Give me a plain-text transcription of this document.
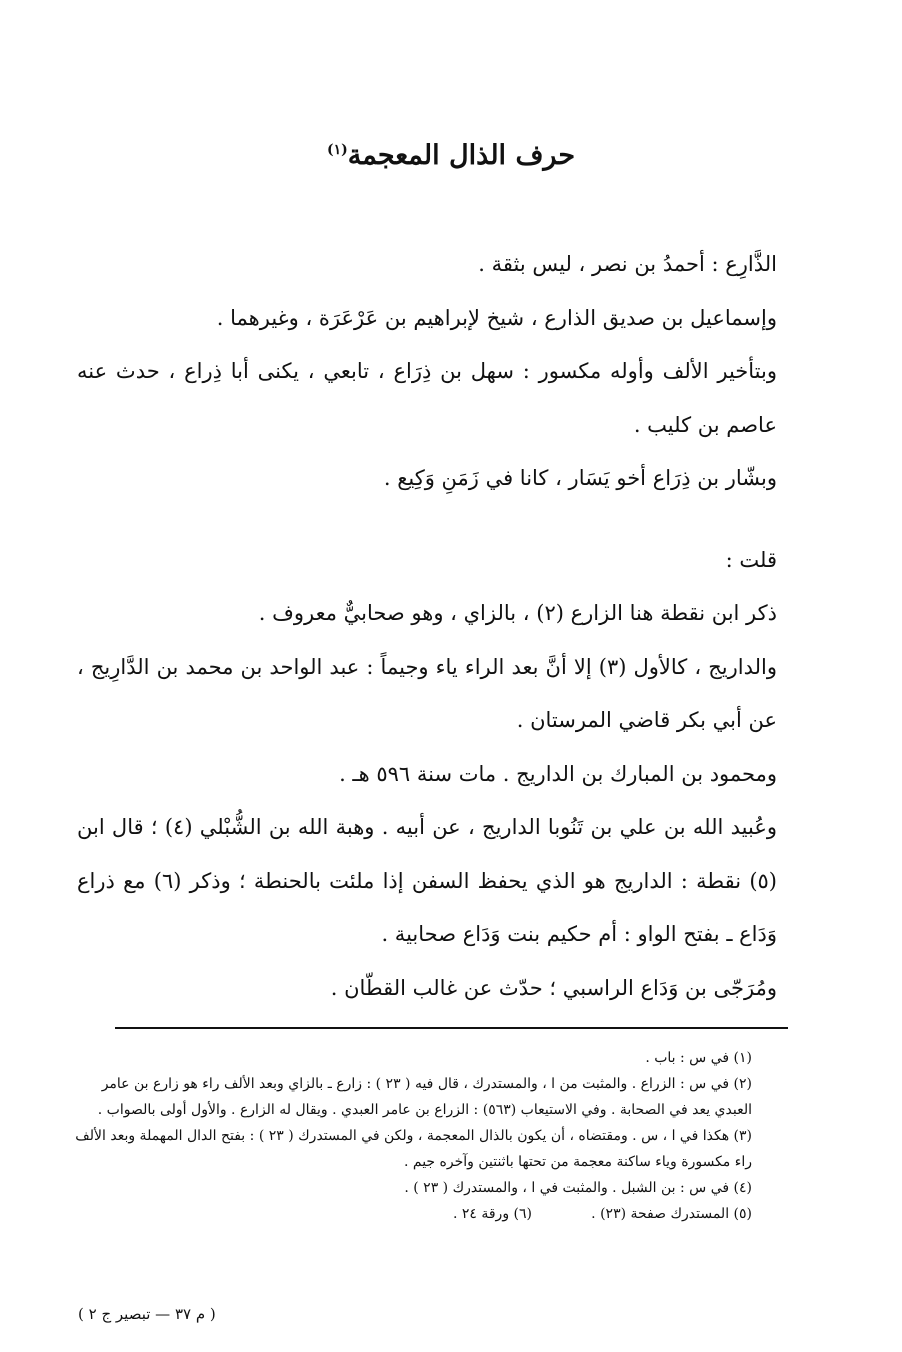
حرف الذال المعجمة$^{(١)}$

الذَّارِع : أحمدُ بن نصر ، ليس بثقة .

وإسماعيل بن صديق الذارع ، شيخ لإبراهيم بن عَرْعَرَة ، وغيرهما .

وبتأخير الألف وأوله مكسور : سهل بن ذِرَاع ، تابعي ، يكنى أبا ذِراع ، حدث عنه عاصم بن كليب .

وبشّار بن ذِرَاع أخو يَسَار ، كانا في زَمَنِ وَكِيع .

قلت :

ذكر ابن نقطة هنا الزارع (٢) ، بالزاي ، وهو صحابيٌّ معروف .

والداريج ، كالأول (٣) إلا أنَّ بعد الراء ياء وجيماً : عبد الواحد بن محمد بن الدَّارِيج ، عن أبي بكر قاضي المرستان .

ومحمود بن المبارك بن الداريج . مات سنة ٥٩٦ هـ .

وعُبيد الله بن علي بن تَنُوبا الداريج ، عن أبيه . وهبة الله بن الشُّبْلي (٤) ؛ قال ابن (٥) نقطة : الداريج هو الذي يحفظ السفن إذا ملئت بالحنطة ؛ وذكر (٦) مع ذراع وَدَاع ـ بفتح الواو : أم حكيم بنت وَدَاع صحابية .

ومُرَجّى بن وَدَاع الراسبي ؛ حدّث عن غالب القطّان .

(١) في س : باب .

(٢) في س : الزراع . والمثبت من ا ، والمستدرك ، قال فيه ( ٢٣ ) : زارع ـ بالزاي وبعد الألف راء هو زارع بن عامر العبدي يعد في الصحابة . وفي الاستيعاب (٥٦٣) : الزراع بن عامر العبدي . ويقال له الزارع . والأول أولى بالصواب .

(٣) هكذا في ا ، س . ومقتضاه ، أن يكون بالذال المعجمة ، ولكن في المستدرك ( ٢٣ ) : بفتح الدال المهملة وبعد الألف راء مكسورة وياء ساكنة معجمة من تحتها باثنتين وآخره جيم .

(٤) في س : بن الشبل . والمثبت في ا ، والمستدرك ( ٢٣ ) .

(٥) المستدرك صفحة (٢٣) .
(٦) ورقة ٢٤ .
( م ٣٧ — تبصير ج ٢ )
